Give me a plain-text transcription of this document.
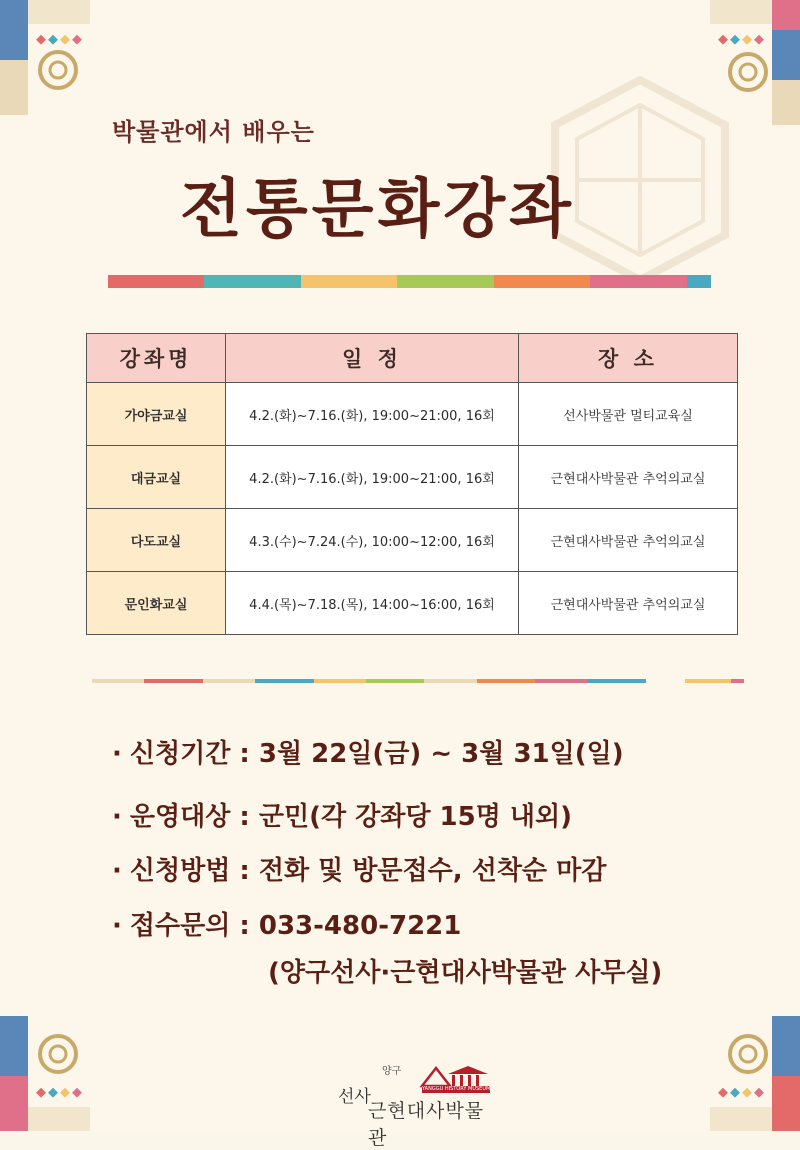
박물관에서 배우는

전통문화강좌
강좌명	일 정	장 소
가야금교실	4.2.(화)~7.16.(화), 19:00~21:00, 16회	선사박물관 멀티교육실
대금교실	4.2.(화)~7.16.(화), 19:00~21:00, 16회	근현대사박물관 추억의교실
다도교실	4.3.(수)~7.24.(수), 10:00~12:00, 16회	근현대사박물관 추억의교실
문인화교실	4.4.(목)~7.18.(목), 14:00~16:00, 16회	근현대사박물관 추억의교실

· 신청기간 : 3월 22일(금) ~ 3월 31일(일)

· 운영대상 : 군민(각 강좌당 15명 내외)

· 신청방법 : 전화 및 방문접수, 선착순 마감

· 접수문의 : 033-480-7221

(양구선사·근현대사박물관 사무실)

양구
선사	YANGGU HISTORY MUSEUM
근현대사박물관
